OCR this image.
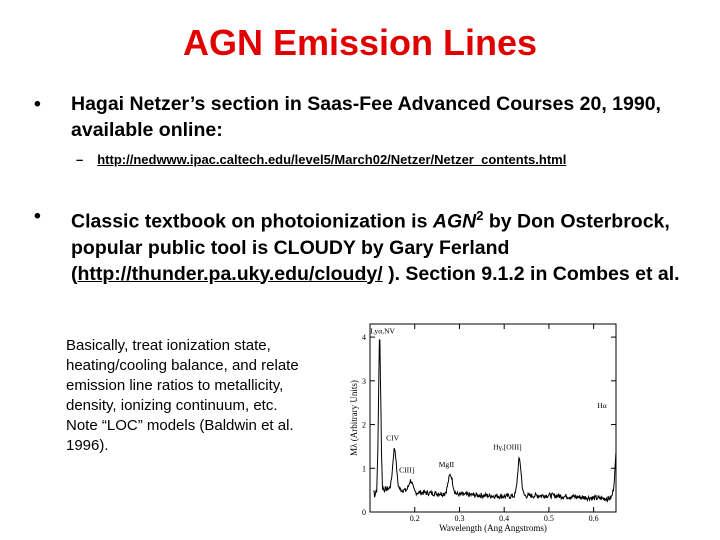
AGN Emission Lines
• Hagai Netzer’s section in Saas-Fee Advanced Courses 20, 1990, available online:
– http://nedwww.ipac.caltech.edu/level5/March02/Netzer/Netzer_contents.html
• Classic textbook on photoionization is AGN$^2$ by Don Osterbrock, popular public tool is CLOUDY by Gary Ferland (http://thunder.pa.uky.edu/cloudy/ ). Section 9.1.2 in Combes et al.
Basically, treat ionization state, heating/cooling balance, and relate emission line ratios to metallicity, density, ionizing continuum, etc. Note “LOC” models (Baldwin et al. 1996).
0.2	0.3	0.4	0.5	0.6
0
1
2
3
4
Lyα,NV
CIV
CIII]
MgII
Hγ,[OIII]
Hα
Wavelength (Ang Angstroms)
Mλ (Arbitrary Units)
